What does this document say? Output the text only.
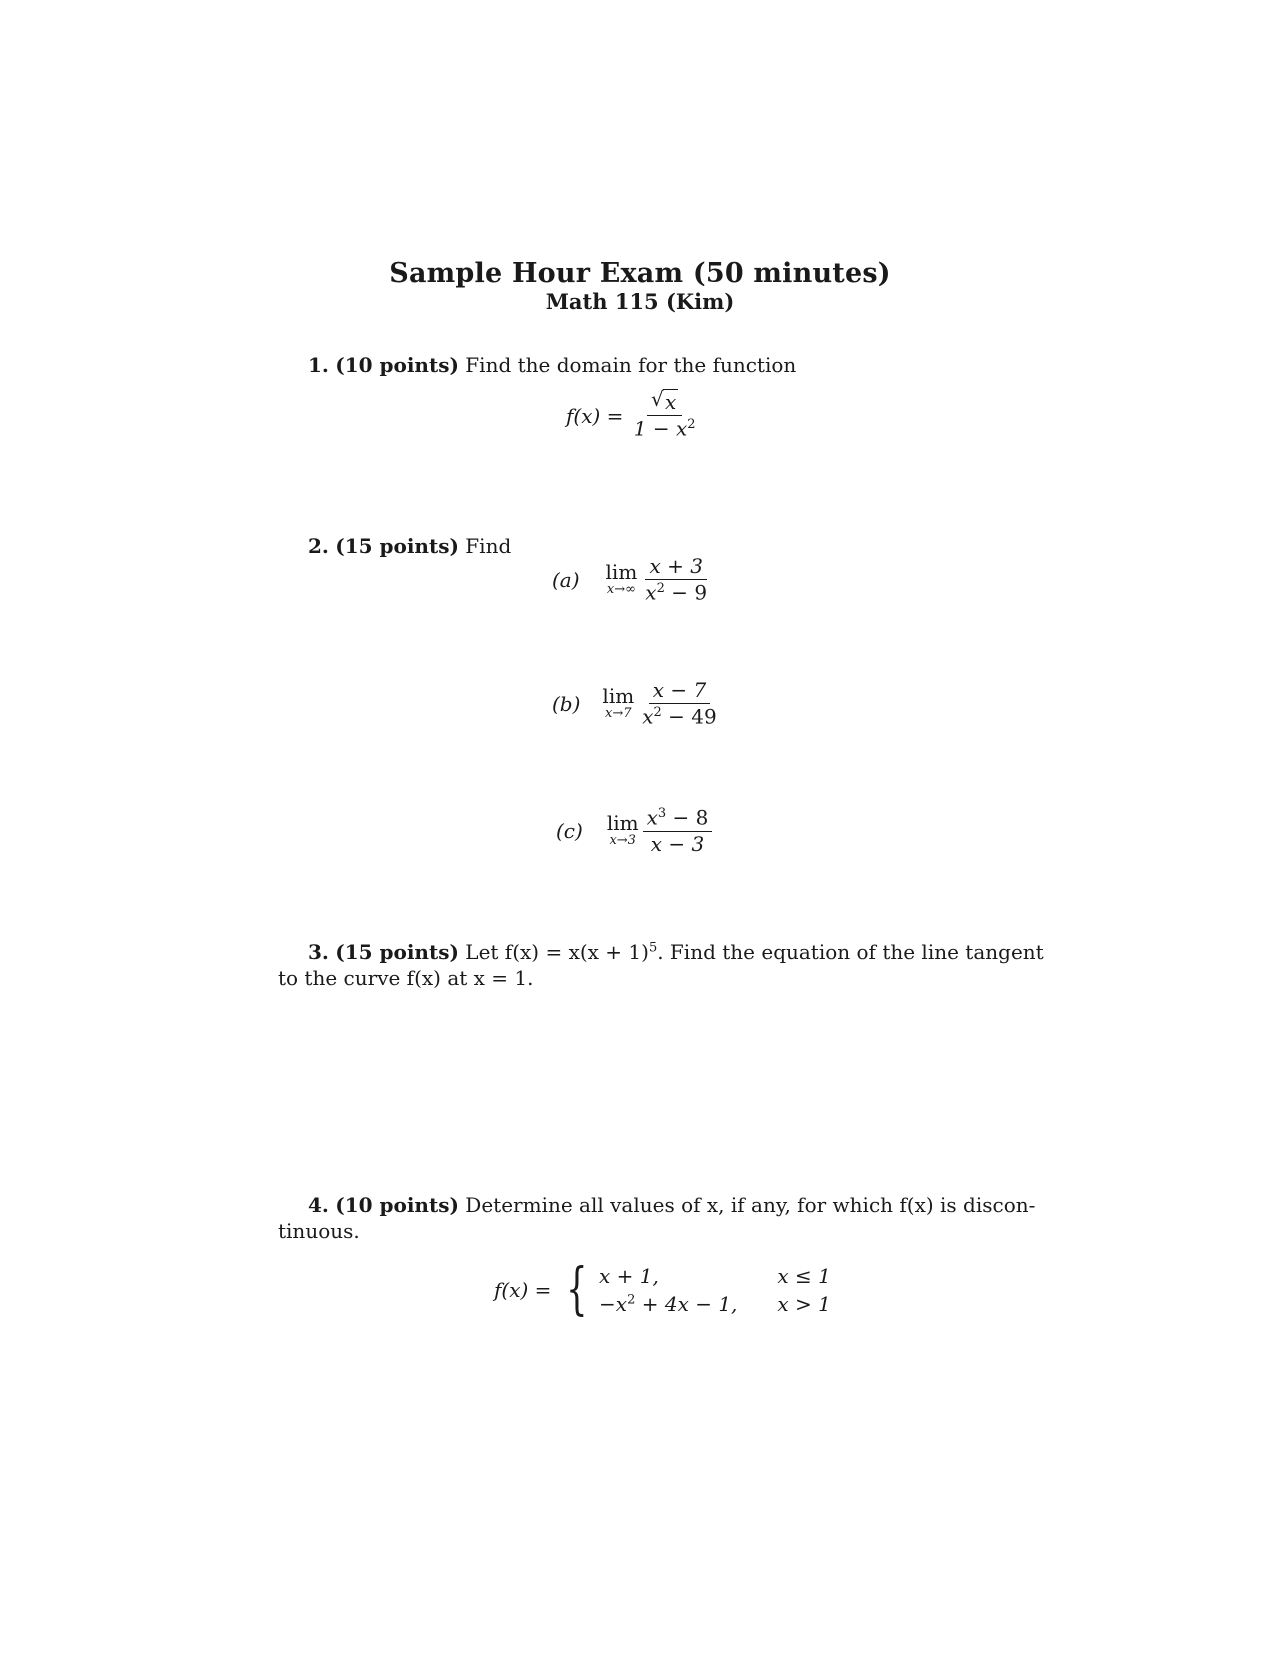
Sample Hour Exam (50 minutes)
Math 115 (Kim)
1. (10 points) Find the domain for the function
f(x) =
$\frac{√ x}{1 - x^2}$
2. (15 points) Find
(a) lim
$x\to\infty \frac{x + 3}{x^2 - 9}$
(b) lim
$x\to 7 \frac{x - 7}{x^2 - 49}$
(c) lim
$x\to 3 \frac{x^3 - 8}{x - 3}$
3. (15 points) Let $f(x) = x(x + 1)^5$. Find the equation of the line tangent
to the curve f(x) at x = 1.
4. (10 points) Determine all values of x, if any, for which f(x) is discon-
tinuous.
f(x) = { x + 1,	x ≤ 1
$-x^2 + 4x - 1$,	x > 1
